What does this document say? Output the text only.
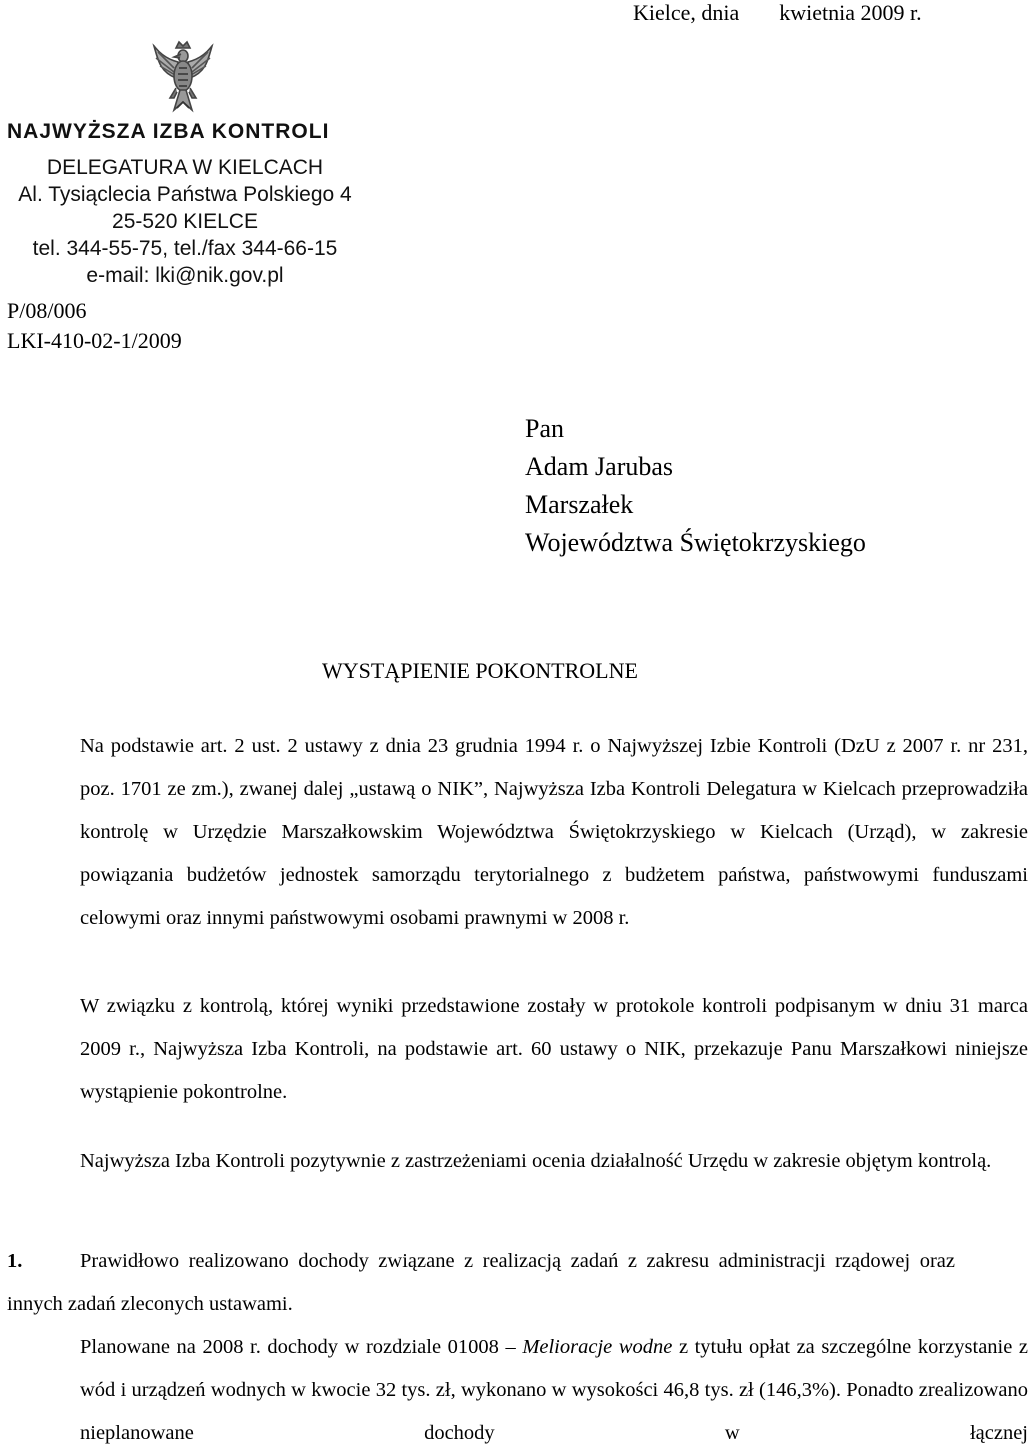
Kielce, dnia kwietnia 2009 r.
NAJWYŻSZA IZBA KONTROLI
DELEGATURA W KIELCACH
Al. Tysiąclecia Państwa Polskiego 4
25-520 KIELCE
tel. 344-55-75, tel./fax 344-66-15
e-mail: lki@nik.gov.pl
P/08/006
LKI-410-02-1/2009
Pan
Adam Jarubas
Marszałek
Województwa Świętokrzyskiego
WYSTĄPIENIE POKONTROLNE
Na podstawie art. 2 ust. 2 ustawy z dnia 23 grudnia 1994 r. o Najwyższej Izbie Kontroli (DzU z 2007 r. nr 231, poz. 1701 ze zm.), zwanej dalej „ustawą o NIK”, Najwyższa Izba Kontroli Delegatura w Kielcach przeprowadziła kontrolę w Urzędzie Marszałkowskim Województwa Świętokrzyskiego w Kielcach (Urząd), w zakresie powiązania budżetów jednostek samorządu terytorialnego z budżetem państwa, państwowymi funduszami celowymi oraz innymi państwowymi osobami prawnymi w 2008 r.
W związku z kontrolą, której wyniki przedstawione zostały w protokole kontroli podpisanym w dniu 31 marca 2009 r., Najwyższa Izba Kontroli, na podstawie art. 60 ustawy o NIK, przekazuje Panu Marszałkowi niniejsze wystąpienie pokontrolne.
Najwyższa Izba Kontroli pozytywnie z zastrzeżeniami ocenia działalność Urzędu w zakresie objętym kontrolą.
1.	Prawidłowo realizowano dochody związane z realizacją zadań z zakresu administracji rządowej oraz innych zadań zleconych ustawami.
Planowane na 2008 r. dochody w rozdziale 01008 – Melioracje wodne z tytułu opłat za szczególne korzystanie z wód i urządzeń wodnych w kwocie 32 tys. zł, wykonano w wysokości 46,8 tys. zł (146,3%). Ponadto zrealizowano nieplanowane dochody w łącznej
